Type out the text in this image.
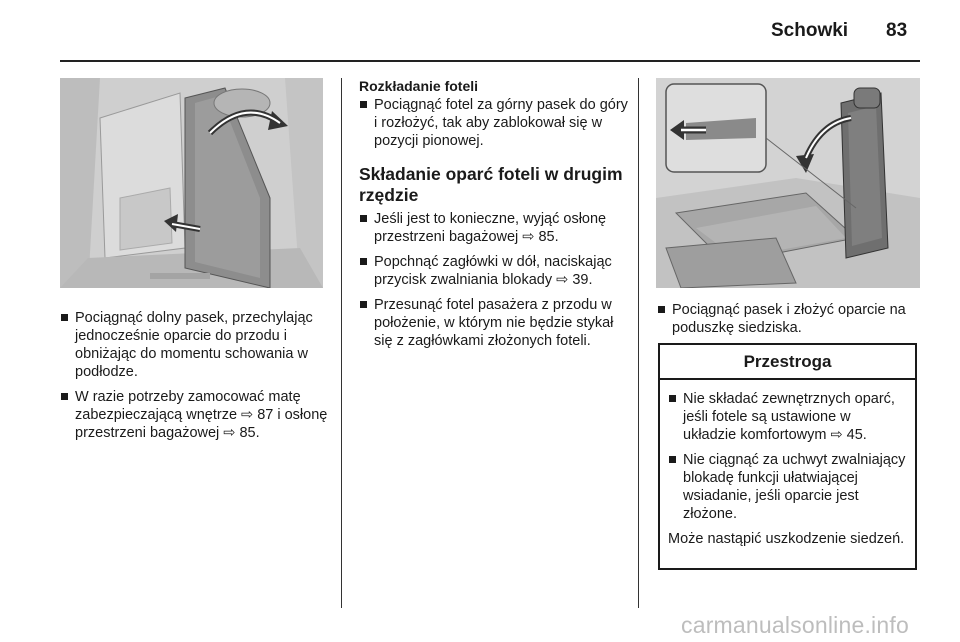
Schowki 83
Pociągnąć dolny pasek, przechylając jednocześnie oparcie do przodu i obniżając do momentu schowania w podłodze.
W razie potrzeby zamocować matę zabezpieczającą wnętrze ⇨ 87 i osłonę przestrzeni bagażowej ⇨ 85.
Rozkładanie foteli
Pociągnąć fotel za górny pasek do góry i rozłożyć, tak aby zablokował się w pozycji pionowej.
Składanie oparć foteli w drugim rzędzie
Jeśli jest to konieczne, wyjąć osłonę przestrzeni bagażowej ⇨ 85.
Popchnąć zagłówki w dół, naciskając przycisk zwalniania blokady ⇨ 39.
Przesunąć fotel pasażera z przodu w położenie, w którym nie będzie stykał się z zagłówkami złożonych foteli.
Pociągnąć pasek i złożyć oparcie na poduszkę siedziska.
Przestroga
Nie składać zewnętrznych oparć, jeśli fotele są ustawione w układzie komfortowym ⇨ 45.
Nie ciągnąć za uchwyt zwalniający blokadę funkcji ułatwiającej wsiadanie, jeśli oparcie jest złożone.
Może nastąpić uszkodzenie siedzeń.
carmanualsonline.info
